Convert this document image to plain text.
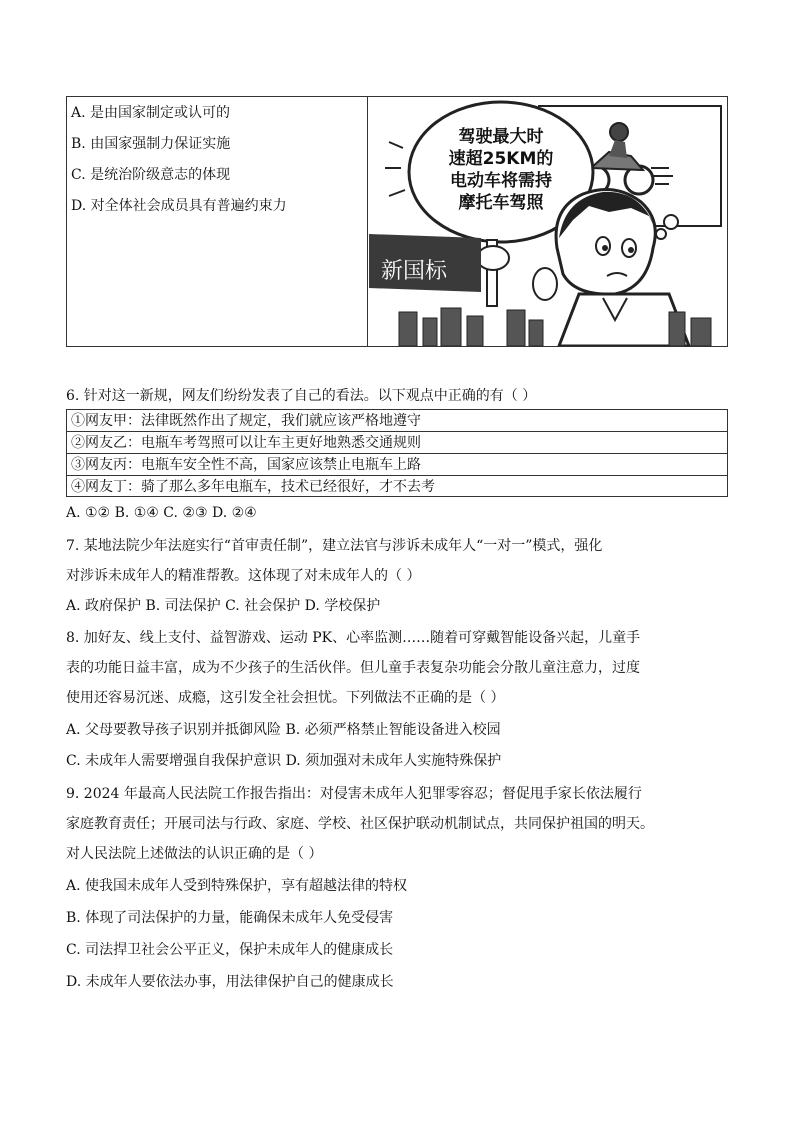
A. 是由国家制定或认可的
B. 由国家强制力保证实施
C. 是统治阶级意志的体现
D. 对全体社会成员具有普遍约束力
驾驶最大时
速超25KM的
电动车将需持
摩托车驾照
新国标
6. 针对这一新规，网友们纷纷发表了自己的看法。以下观点中正确的有（ ）
①网友甲：法律既然作出了规定，我们就应该严格地遵守
②网友乙：电瓶车考驾照可以让车主更好地熟悉交通规则
③网友丙：电瓶车安全性不高，国家应该禁止电瓶车上路
④网友丁：骑了那么多年电瓶车，技术已经很好，才不去考
A. ①② B. ①④ C. ②③ D. ②④
7. 某地法院少年法庭实行“首审责任制”，建立法官与涉诉未成年人“一对一”模式，强化
对涉诉未成年人的精准帮教。这体现了对未成年人的（ ）
A. 政府保护 B. 司法保护 C. 社会保护 D. 学校保护
8. 加好友、线上支付、益智游戏、运动 PK、心率监测……随着可穿戴智能设备兴起，儿童手
表的功能日益丰富，成为不少孩子的生活伙伴。但儿童手表复杂功能会分散儿童注意力，过度
使用还容易沉迷、成瘾，这引发全社会担忧。下列做法不正确的是（ ）
A. 父母要教导孩子识别并抵御风险 B. 必须严格禁止智能设备进入校园
C. 未成年人需要增强自我保护意识 D. 须加强对未成年人实施特殊保护
9. 2024 年最高人民法院工作报告指出：对侵害未成年人犯罪零容忍；督促甩手家长依法履行
家庭教育责任；开展司法与行政、家庭、学校、社区保护联动机制试点，共同保护祖国的明天。
对人民法院上述做法的认识正确的是（ ）
A. 使我国未成年人受到特殊保护，享有超越法律的特权
B. 体现了司法保护的力量，能确保未成年人免受侵害
C. 司法捍卫社会公平正义，保护未成年人的健康成长
D. 未成年人要依法办事，用法律保护自己的健康成长
